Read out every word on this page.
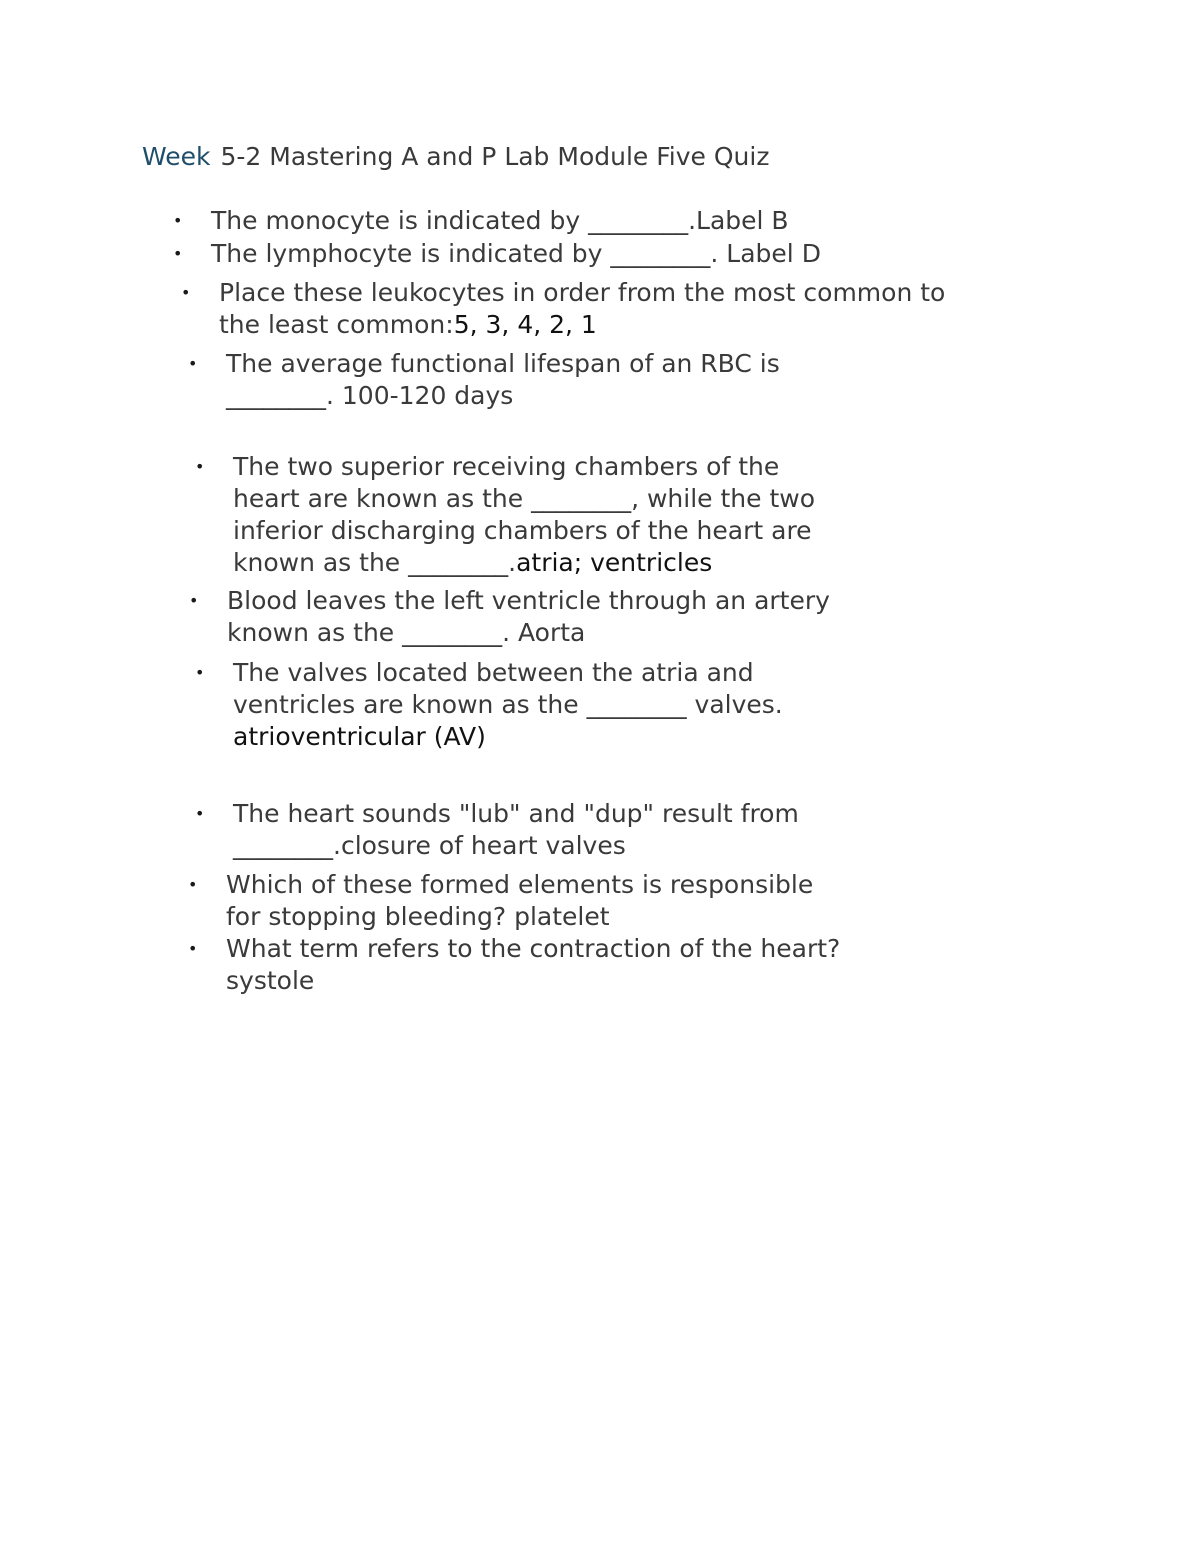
Week 5-2 Mastering A and P Lab Module Five Quiz
• The monocyte is indicated by ________.Label B
• The lymphocyte is indicated by ________. Label D
• Place these leukocytes in order from the most common to
the least common:5, 3, 4, 2, 1
• The average functional lifespan of an RBC is
________. 100-120 days
• The two superior receiving chambers of the
heart are known as the ________, while the two
inferior discharging chambers of the heart are
known as the ________.atria; ventricles
• Blood leaves the left ventricle through an artery
known as the ________. Aorta
• The valves located between the atria and
ventricles are known as the ________ valves.
atrioventricular (AV)
• The heart sounds "lub" and "dup" result from
________.closure of heart valves
• Which of these formed elements is responsible
for stopping bleeding? platelet
• What term refers to the contraction of the heart?
systole
